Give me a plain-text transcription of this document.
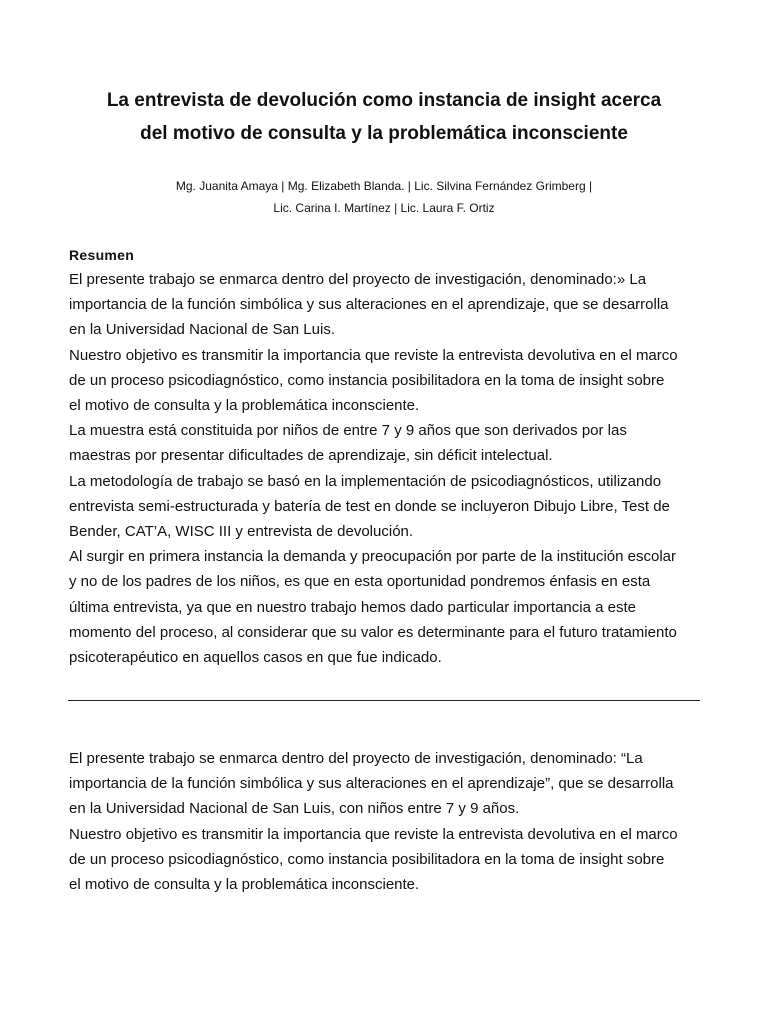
La entrevista de devolución como instancia de insight acerca
del motivo de consulta y la problemática inconsciente
Mg. Juanita Amaya | Mg. Elizabeth Blanda. | Lic. Silvina Fernández Grimberg |
Lic. Carina I. Martínez | Lic. Laura F. Ortiz
Resumen
El presente trabajo se enmarca dentro del proyecto de investigación, denominado:» La
importancia de la función simbólica y sus alteraciones en el aprendizaje, que se desarrolla
en la Universidad Nacional de San Luis.
Nuestro objetivo es transmitir la importancia que reviste la entrevista devolutiva en el marco
de un proceso psicodiagnóstico, como instancia posibilitadora en la toma de insight sobre
el motivo de consulta y la problemática inconsciente.
La muestra está constituida por niños de entre 7 y 9 años que son derivados por las
maestras por presentar dificultades de aprendizaje, sin déficit intelectual.
La metodología de trabajo se basó en la implementación de psicodiagnósticos, utilizando
entrevista semi-estructurada y batería de test en donde se incluyeron Dibujo Libre, Test de
Bender, CAT’A, WISC III y entrevista de devolución.
Al surgir en primera instancia la demanda y preocupación por parte de la institución escolar
y no de los padres de los niños, es que en esta oportunidad pondremos énfasis en esta
última entrevista, ya que en nuestro trabajo hemos dado particular importancia a este
momento del proceso, al considerar que su valor es determinante para el futuro tratamiento
psicoterapéutico en aquellos casos en que fue indicado.
El presente trabajo se enmarca dentro del proyecto de investigación, denominado: “La
importancia de la función simbólica y sus alteraciones en el aprendizaje”, que se desarrolla
en la Universidad Nacional de San Luis, con niños entre 7 y 9 años.
Nuestro objetivo es transmitir la importancia que reviste la entrevista devolutiva en el marco
de un proceso psicodiagnóstico, como instancia posibilitadora en la toma de insight sobre
el motivo de consulta y la problemática inconsciente.
